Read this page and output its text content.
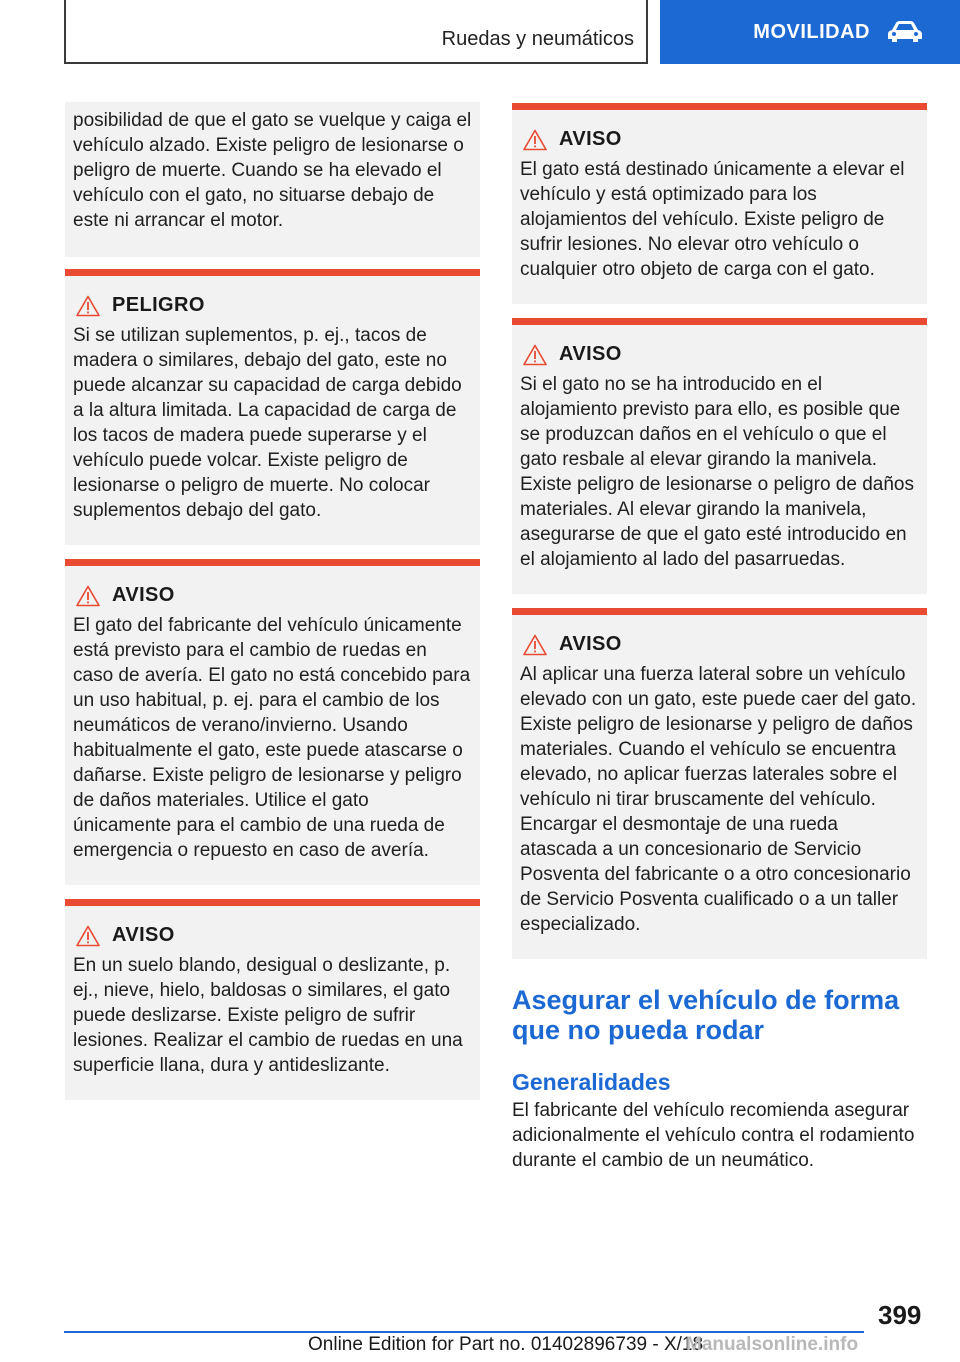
Ruedas y neumáticos	MOVILIDAD
posibilidad de que el gato se vuelque y caiga el vehículo alzado. Existe peligro de lesionarse o peligro de muerte. Cuando se ha elevado el vehículo con el gato, no situarse debajo de este ni arrancar el motor.
PELIGRO
Si se utilizan suplementos, p. ej., tacos de madera o similares, debajo del gato, este no puede alcanzar su capacidad de carga debido a la altura limitada. La capacidad de carga de los tacos de madera puede superarse y el vehículo puede volcar. Existe peligro de lesionarse o peligro de muerte. No colocar suplementos debajo del gato.
AVISO
El gato del fabricante del vehículo únicamente está previsto para el cambio de ruedas en caso de avería. El gato no está concebido para un uso habitual, p. ej. para el cambio de los neumáticos de verano/invierno. Usando habitualmente el gato, este puede atascarse o dañarse. Existe peligro de lesionarse y peligro de daños materiales. Utilice el gato únicamente para el cambio de una rueda de emergencia o repuesto en caso de avería.
AVISO
En un suelo blando, desigual o deslizante, p. ej., nieve, hielo, baldosas o similares, el gato puede deslizarse. Existe peligro de sufrir lesiones. Realizar el cambio de ruedas en una superficie llana, dura y antideslizante.
AVISO
El gato está destinado únicamente a elevar el vehículo y está optimizado para los alojamientos del vehículo. Existe peligro de sufrir lesiones. No elevar otro vehículo o cualquier otro objeto de carga con el gato.
AVISO
Si el gato no se ha introducido en el alojamiento previsto para ello, es posible que se produzcan daños en el vehículo o que el gato resbale al elevar girando la manivela. Existe peligro de lesionarse o peligro de daños materiales. Al elevar girando la manivela, asegurarse de que el gato esté introducido en el alojamiento al lado del pasarruedas.
AVISO
Al aplicar una fuerza lateral sobre un vehículo elevado con un gato, este puede caer del gato. Existe peligro de lesionarse y peligro de daños materiales. Cuando el vehículo se encuentra elevado, no aplicar fuerzas laterales sobre el vehículo ni tirar bruscamente del vehículo. Encargar el desmontaje de una rueda atascada a un concesionario de Servicio Posventa del fabricante o a otro concesionario de Servicio Posventa cualificado o a un taller especializado.
Asegurar el vehículo de forma que no pueda rodar
Generalidades

El fabricante del vehículo recomienda asegurar adicionalmente el vehículo contra el rodamiento durante el cambio de un neumático.

399
Online Edition for Part no. 01402896739 - X/18
Manualsonline.info
